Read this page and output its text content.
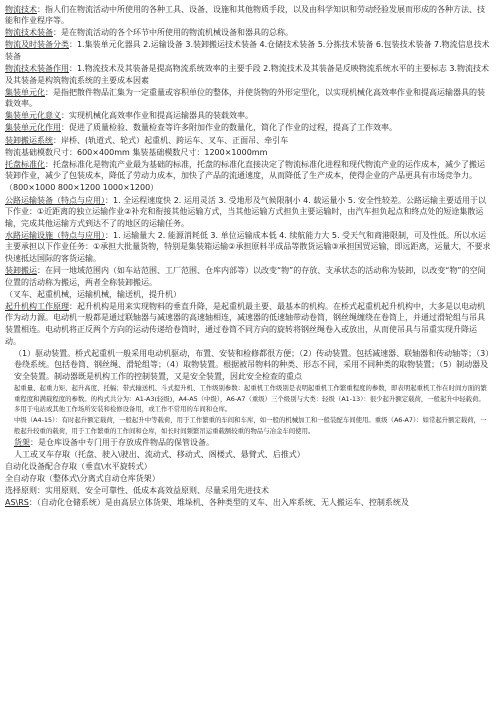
物流技术：指人们在物流活动中所使用的各种工具、设备、设施和其他物质手段，以及由科学知识和劳动经验发展而形成的各种方法、技能和作业程序等。

物流技术装备：是在物流活动的各个环节中所使用的物流机械设备和器具的总称。

物流及时装备分类：1.集装单元化器具 2.运输设备 3.装卸搬运技术装备 4.仓储技术装备 5.分拣技术装备 6.包装技术装备 7.物流信息技术装备

物流技术装备作用：1.物流技术及其装备是提高物流系统效率的主要手段 2.物流技术及其装备是反映物流系统水平的主要标志 3.物流技术及其装备是构筑物流系统的主要成本因素

集装单元化：是指把散件物品汇集为一定重量或容积单位的整体，并使货物的外形定型化，以实现机械化高效率作业和提高运输器具的装载效率。

集装单元化意义：实现机械化高效率作业和提高运输器具的装载效率。

集装单元化作用：促进了质量检验、数量检查等许多附加作业的数量化，简化了作业的过程，提高了工作效率。

装卸搬运系统：岸桥、(轨道式、轮式）起重机、跨运车、叉车、正面吊、牵引车

物流基础模数尺寸：600×400mm 集装基础模数尺寸：1200×1000mm

托盘标准化：托盘标准化是物流产业最为基础的标准，托盘的标准化直接决定了物流标准化进程和现代物流产业的运作成本，减少了搬运装卸作业，减少了包装成本，降低了劳动力成本，加快了产品的流通速度，从而降低了生产成本，使得企业的产品更具有市场竞争力。

（800×1000 800×1200 1000×1200）

公路运输装备（特点与应用）：1. 全运程速度快 2. 运用灵活 3. 受地形及气候限制小 4. 载运量小 5. 安全性较差。公路运输主要适用于以下作业：①近距离的独立运输作业②补充和衔接其他运输方式，当其他运输方式担负主要运输时，由汽车担负起点和终点处的短途集散运输，完成其他运输方式到达不了的地区的运输任务。

水路运输设施（特点与应用）：1. 运输量大 2. 能源消耗低 3. 单位运输成本低 4. 续航能力大 5. 受天气和商港限制，可及性低。所以水运主要承担以下作业任务：①承担大批量货物，特别是集装箱运输②承担原料半成品等散货运输③承担国贸运输，即远距离，运量大，不要求快速抵达国际的客货运输。

装卸搬运：在同一地域范围内（如车站范围、工厂范围、仓库内部等）以改变“物”的存放、支承状态的活动称为装卸，以改变“物”的空间位置的活动称为搬运，两者全称装卸搬运。

（叉车、起重机械，运输机械，输送机，提升机）

起升机构工作原理：起升机构是用来实现物料的垂直升降，是起重机最主要、最基本的机构。在桥式起重机起升机构中，大多是以电动机作为动力源。电动机一般都是通过联轴器与减速器的高速轴相连，减速器的低速轴带动卷筒，钢丝绳缠绕在卷筒上，并通过滑轮组与吊具装置相连。电动机将正反两个方向的运动传递给卷筒时，通过卷筒不同方向的旋转将钢丝绳卷入或放出，从而使吊具与吊重实现升降运动。

（1）驱动装置。桥式起重机一般采用电动机驱动，布置、安装和检修都很方便；（2）传动装置。包括减速器、联轴器和传动轴等；（3）卷绕系统。包括卷筒、钢丝绳、滑轮组等；（4）取物装置。根据被吊物料的种类、形态不同，采用不同种类的取物装置；（5）制动器及安全装置。制动器既是机构工作的控制装置，又是安全装置，因此安全检查的重点

起重量、起重力矩、起升高度、托幅；带式输送机、斗式提升机、工作级别参数：起重机工作级别是表明起重机工作繁重程度的参数，即表明起重机工作在时间方面的繁重程度和满载程度的参数。的构式共分为：A1-A3(轻级)，A4-A5（中级），A6-A7（重级）三个级别与大类：轻级（A1-13）：很少起升额定载荷，一般起升中轻载荷。多用于电站或其他工作场所安装和检修设备用，或工作不常用的车间和仓库。

中级（A4-15）：有时起升额定载荷，一般起升中等载荷，用于工作繁重的车间和车库，如一般的机械加工和一般装配车间使用。重级（A6-A7）：如常起升额定载荷，一般起升较重的载荷，用于工作繁重的工作间和仓库，如长时间频繁吊运重载额较重的物品与冶金车间使用。

货架：是仓库设备中专门用于存放成件物品的保管设备。

人工或叉车存取（托盘、驶入\驶出、流动式、移动式、阁楼式、悬臂式、后推式）

自动化设备配合存取（垂直\水平旋转式）

全自动存取（整体式\分离式自动仓库货架）

选择原则：实用原则、安全可靠性、低成本高效益原则、尽量采用先进技术

AS\RS：（自动化仓储系统）是由高层立体货架、堆垛机、各种类型的叉车、出入库系统、无人搬运车、控制系统及
